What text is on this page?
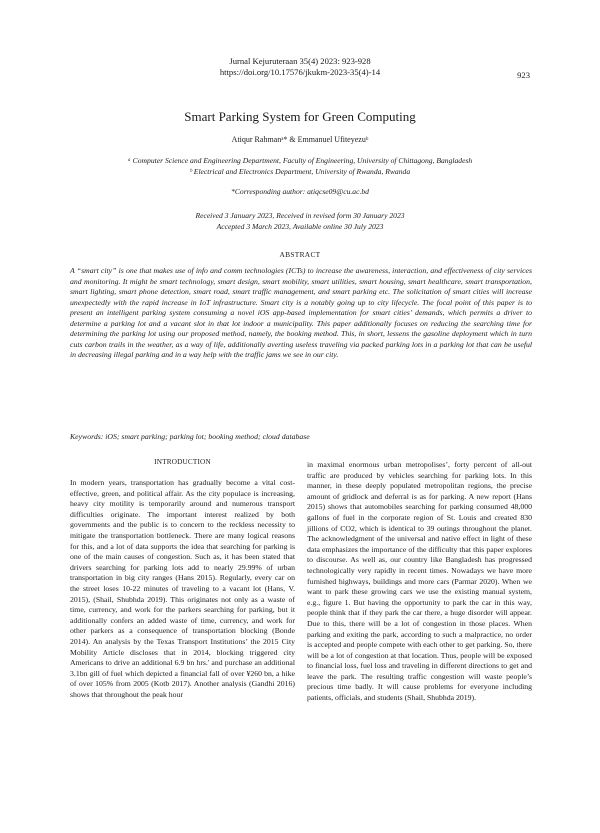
Jurnal Kejuruteraan 35(4) 2023: 923-928
https://doi.org/10.17576/jkukm-2023-35(4)-14	923
Smart Parking System for Green Computing
Atiqur Rahmanᵃ* & Emmanuel Ufiteyezuᵇ
ᵃ Computer Science and Engineering Department, Faculty of Engineering, University of Chittagong, Bangladesh
ᵇ Electrical and Electronics Department, University of Rwanda, Rwanda
*Corresponding author: atiqcse09@cu.ac.bd
Received 3 January 2023, Received in revised form 30 January 2023
Accepted 3 March 2023, Available online 30 July 2023
ABSTRACT
A “smart city” is one that makes use of info and comm technologies (ICTs) to increase the awareness, interaction, and effectiveness of city services and monitoring. It might be smart technology, smart design, smart mobility, smart utilities, smart housing, smart healthcare, smart transportation, smart lighting, smart phone detection, smart road, smart traffic management, and smart parking etc. The solicitation of smart cities will increase unexpectedly with the rapid increase in IoT infrastructure. Smart city is a notably going up to city lifecycle. The focal point of this paper is to present an intelligent parking system consuming a novel iOS app-based implementation for smart cities’ demands, which permits a driver to determine a parking lot and a vacant slot in that lot indoor a municipality. This paper additionally focuses on reducing the searching time for determining the parking lot using our proposed method, namely, the booking method. This, in short, lessens the gasoline deployment which in turn cuts carbon trails in the weather, as a way of life, additionally averting useless traveling via packed parking lots in a parking lot that can be useful in decreasing illegal parking and in a way help with the traffic jams we see in our city.
Keywords: iOS; smart parking; parking lot; booking method; cloud database
INTRODUCTION
In modern years, transportation has gradually become a vital cost-effective, green, and political affair. As the city populace is increasing, heavy city motility is temporarily around and numerous transport difficulties originate. The important interest realized by both governments and the public is to concern to the reckless necessity to mitigate the transportation bottleneck. There are many logical reasons for this, and a lot of data supports the idea that searching for parking is one of the main causes of congestion. Such as, it has been stated that drivers searching for parking lots add to nearly 29.99% of urban transportation in big city ranges (Hans 2015). Regularly, every car on the street loses 10-22 minutes of traveling to a vacant lot (Hans, V. 2015), (Shail, Shubhda 2019). This originates not only as a waste of time, currency, and work for the parkers searching for parking, but it additionally confers an added waste of time, currency, and work for other parkers as a consequence of transportation blocking (Bonde 2014). An analysis by the Texas Transport Institutions’ the 2015 City Mobility Article discloses that in 2014, blocking triggered city Americans to drive an additional 6.9 bn hrs.' and purchase an additional 3.1bn gill of fuel which depicted a financial fall of over ¥260 bn, a hike of over 105% from 2005 (Kotb 2017). Another analysis (Gandhi 2016) shows that throughout the peak hour
in maximal enormous urban metropolises’, forty percent of all-out traffic are produced by vehicles searching for parking lots. In this manner, in these deeply populated metropolitan regions, the precise amount of gridlock and deferral is as for parking. A new report (Hans 2015) shows that automobiles searching for parking consumed 48,000 gallons of fuel in the corporate region of St. Louis and created 830 jillions of CO2, which is identical to 39 outings throughout the planet. The acknowledgment of the universal and native effect in light of these data emphasizes the importance of the difficulty that this paper explores to discourse. As well as, our country like Bangladesh has progressed technologically very rapidly in recent times. Nowadays we have more furnished highways, buildings and more cars (Parmar 2020). When we want to park these growing cars we use the existing manual system, e.g., figure 1. But having the opportunity to park the car in this way, people think that if they park the car there, a huge disorder will appear. Due to this, there will be a lot of congestion in those places. When parking and exiting the park, according to such a malpractice, no order is accepted and people compete with each other to get parking. So, there will be a lot of congestion at that location. Thus, people will be exposed to financial loss, fuel loss and traveling in different directions to get and leave the park. The resulting traffic congestion will waste people’s precious time badly. It will cause problems for everyone including patients, officials, and students (Shail, Shubhda 2019).
